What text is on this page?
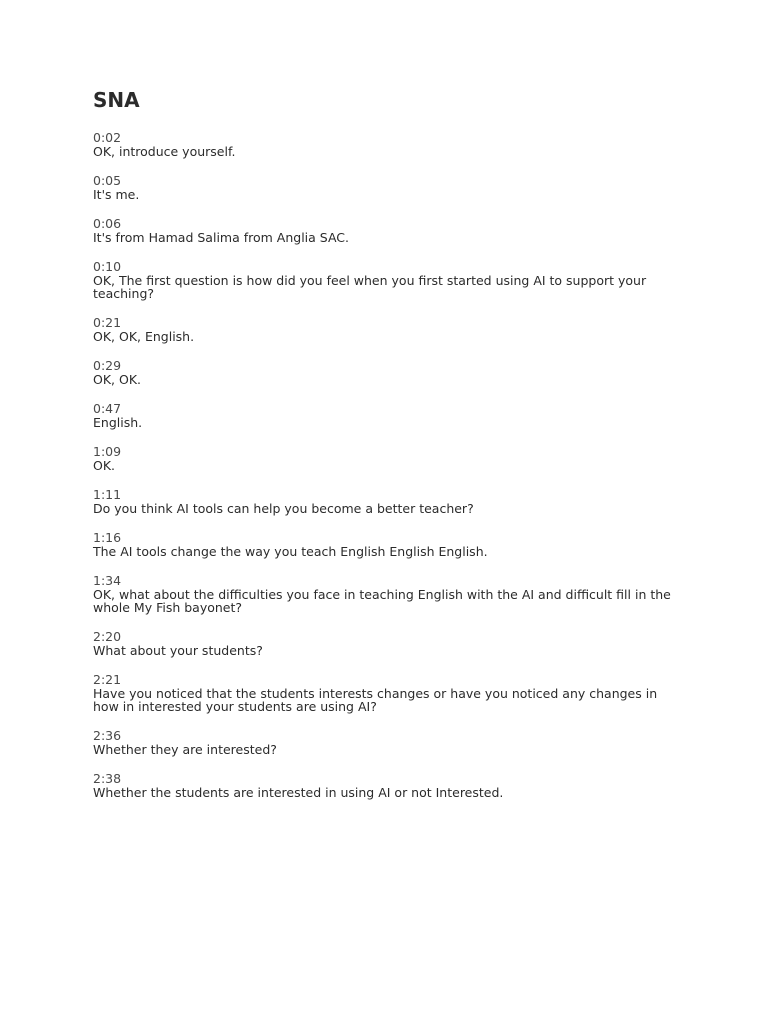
SNA
0:02
OK, introduce yourself.
0:05
It's me.
0:06
It's from Hamad Salima from Anglia SAC.
0:10
OK, The first question is how did you feel when you first started using AI to support your teaching?
0:21
OK, OK, English.
0:29
OK, OK.
0:47
English.
1:09
OK.
1:11
Do you think AI tools can help you become a better teacher?
1:16
The AI tools change the way you teach English English English.
1:34
OK, what about the difficulties you face in teaching English with the AI and difficult fill in the whole My Fish bayonet?
2:20
What about your students?
2:21
Have you noticed that the students interests changes or have you noticed any changes in how in interested your students are using AI?
2:36
Whether they are interested?
2:38
Whether the students are interested in using AI or not Interested.
